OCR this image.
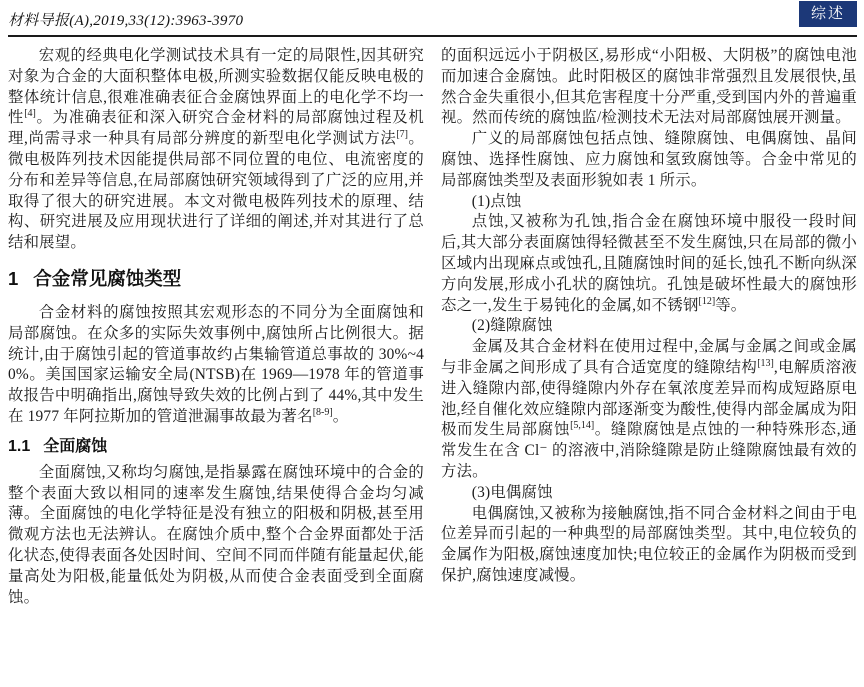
材料导报(A),2019,33(12):3963-3970	综述

宏观的经典电化学测试技术具有一定的局限性,因其研究对象为合金的大面积整体电极,所测实验数据仅能反映电极的整体统计信息,很难准确表征合金腐蚀界面上的电化学不均一性[4]。为准确表征和深入研究合金材料的局部腐蚀过程及机理,尚需寻求一种具有局部分辨度的新型电化学测试方法[7]。微电极阵列技术因能提供局部不同位置的电位、电流密度的分布和差异等信息,在局部腐蚀研究领域得到了广泛的应用,并取得了很大的研究进展。本文对微电极阵列技术的原理、结构、研究进展及应用现状进行了详细的阐述,并对其进行了总结和展望。

1 合金常见腐蚀类型

合金材料的腐蚀按照其宏观形态的不同分为全面腐蚀和局部腐蚀。在众多的实际失效事例中,腐蚀所占比例很大。据统计,由于腐蚀引起的管道事故约占集输管道总事故的 30%~40%。美国国家运输安全局(NTSB)在 1969—1978 年的管道事故报告中明确指出,腐蚀导致失效的比例占到了 44%,其中发生在 1977 年阿拉斯加的管道泄漏事故最为著名[8-9]。

1.1 全面腐蚀

全面腐蚀,又称均匀腐蚀,是指暴露在腐蚀环境中的合金的整个表面大致以相同的速率发生腐蚀,结果使得合金均匀减薄。全面腐蚀的电化学特征是没有独立的阳极和阴极,甚至用微观方法也无法辨认。在腐蚀介质中,整个合金界面都处于活化状态,使得表面各处因时间、空间不同而伴随有能量起伏,能量高处为阳极,能量低处为阴极,从而使合金表面受到全面腐蚀。

的面积远远小于阴极区,易形成“小阳极、大阴极”的腐蚀电池而加速合金腐蚀。此时阳极区的腐蚀非常强烈且发展很快,虽然合金失重很小,但其危害程度十分严重,受到国内外的普遍重视。然而传统的腐蚀监/检测技术无法对局部腐蚀展开测量。

广义的局部腐蚀包括点蚀、缝隙腐蚀、电偶腐蚀、晶间腐蚀、选择性腐蚀、应力腐蚀和氢致腐蚀等。合金中常见的局部腐蚀类型及表面形貌如表 1 所示。

(1)点蚀

点蚀,又被称为孔蚀,指合金在腐蚀环境中服役一段时间后,其大部分表面腐蚀得轻微甚至不发生腐蚀,只在局部的微小区域内出现麻点或蚀孔,且随腐蚀时间的延长,蚀孔不断向纵深方向发展,形成小孔状的腐蚀坑。孔蚀是破坏性最大的腐蚀形态之一,发生于易钝化的金属,如不锈钢[12]等。

(2)缝隙腐蚀

金属及其合金材料在使用过程中,金属与金属之间或金属与非金属之间形成了具有合适宽度的缝隙结构[13],电解质溶液进入缝隙内部,使得缝隙内外存在氧浓度差异而构成短路原电池,经自催化效应缝隙内部逐渐变为酸性,使得内部金属成为阳极而发生局部腐蚀[5,14]。缝隙腐蚀是点蚀的一种特殊形态,通常发生在含 Cl⁻ 的溶液中,消除缝隙是防止缝隙腐蚀最有效的方法。

(3)电偶腐蚀

电偶腐蚀,又被称为接触腐蚀,指不同合金材料之间由于电位差异而引起的一种典型的局部腐蚀类型。其中,电位较负的金属作为阳极,腐蚀速度加快;电位较正的金属作为阴极而受到保护,腐蚀速度减慢。
